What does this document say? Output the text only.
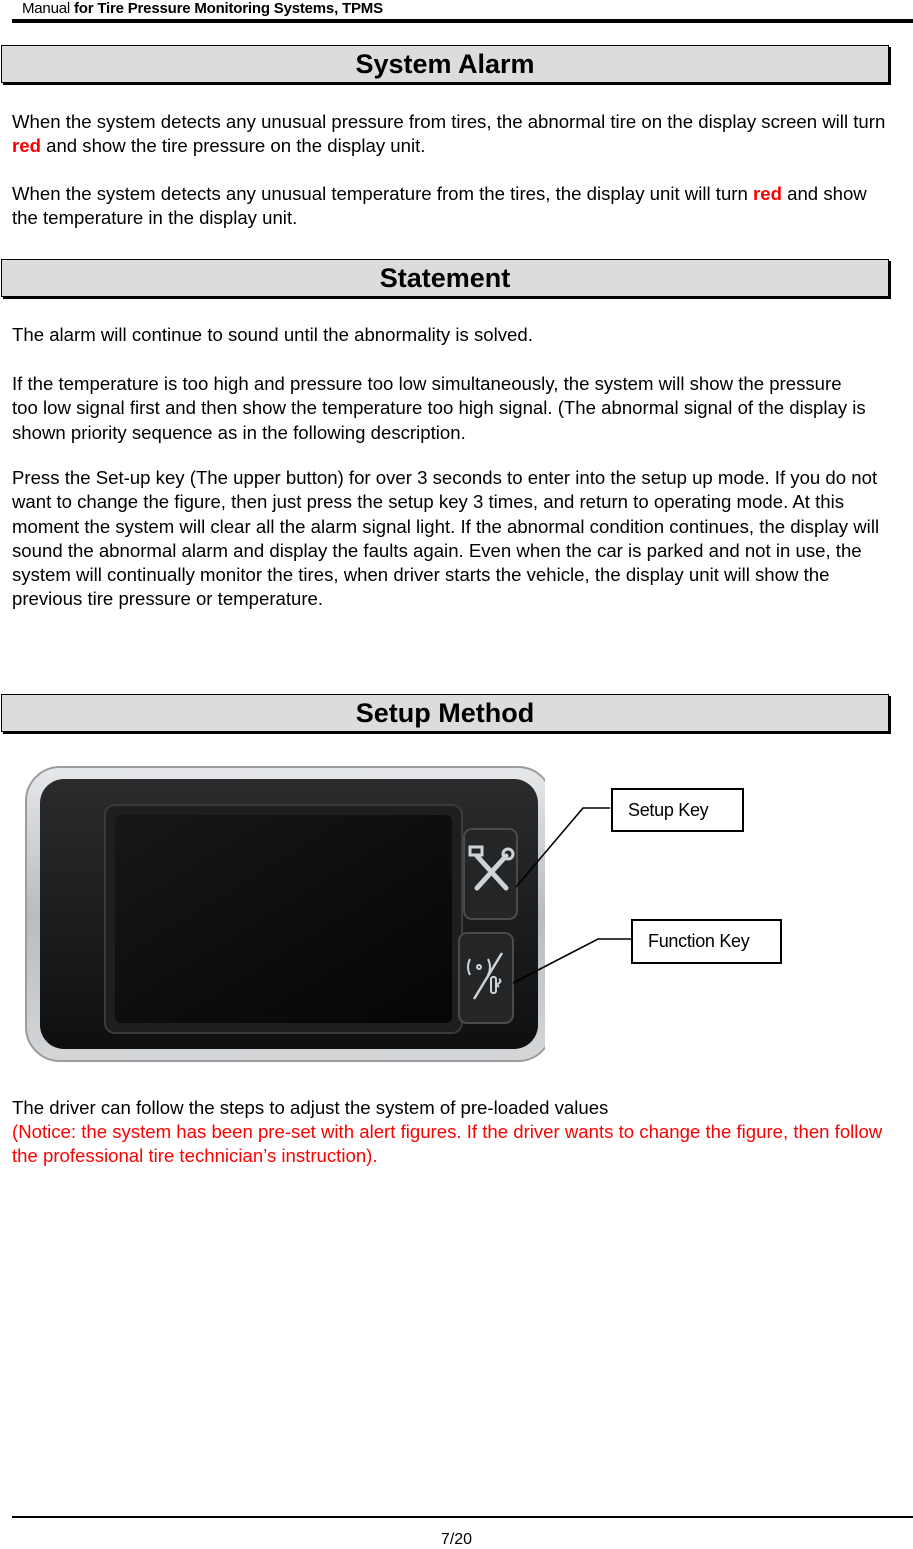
Manual for Tire Pressure Monitoring Systems, TPMS
System Alarm
When the system detects any unusual pressure from tires, the abnormal tire on the display screen will turn red and show the tire pressure on the display unit.
When the system detects any unusual temperature from the tires, the display unit will turn red and show the temperature in the display unit.
Statement
The alarm will continue to sound until the abnormality is solved.
If the temperature is too high and pressure too low simultaneously, the system will show the pressure too low signal first and then show the temperature too high signal. (The abnormal signal of the display is shown priority sequence as in the following description.
Press the Set-up key (The upper button) for over 3 seconds to enter into the setup up mode. If you do not want to change the figure, then just press the setup key 3 times, and return to operating mode. At this moment the system will clear all the alarm signal light. If the abnormal condition continues, the display will sound the abnormal alarm and display the faults again. Even when the car is parked and not in use, the system will continually monitor the tires, when driver starts the vehicle, the display unit will show the previous tire pressure or temperature.
Setup Method
Setup Key
Function Key
The driver can follow the steps to adjust the system of pre-loaded values
(Notice: the system has been pre-set with alert figures. If the driver wants to change the figure, then follow the professional tire technician’s instruction).
7/20
